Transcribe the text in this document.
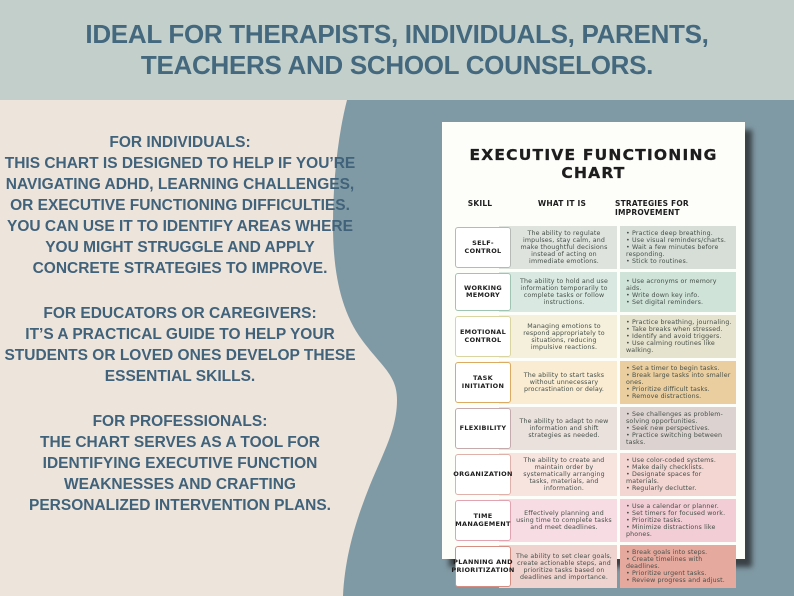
IDEAL FOR THERAPISTS, INDIVIDUALS, PARENTS,
TEACHERS AND SCHOOL COUNSELORS.
FOR INDIVIDUALS:
THIS CHART IS DESIGNED TO HELP IF YOU’RE NAVIGATING ADHD, LEARNING CHALLENGES, OR EXECUTIVE FUNCTIONING DIFFICULTIES. YOU CAN USE IT TO IDENTIFY AREAS WHERE YOU MIGHT STRUGGLE AND APPLY CONCRETE STRATEGIES TO IMPROVE.
FOR EDUCATORS OR CAREGIVERS:
IT’S A PRACTICAL GUIDE TO HELP YOUR STUDENTS OR LOVED ONES DEVELOP THESE ESSENTIAL SKILLS.
FOR PROFESSIONALS:
THE CHART SERVES AS A TOOL FOR IDENTIFYING EXECUTIVE FUNCTION WEAKNESSES AND CRAFTING PERSONALIZED INTERVENTION PLANS.
EXECUTIVE FUNCTIONING CHART
SKILL	WHAT IT IS	STRATEGIES FOR IMPROVEMENT
SELF-CONTROL
The ability to regulate impulses, stay calm, and make thoughtful decisions instead of acting on immediate emotions.
• Practice deep breathing.
• Use visual reminders/charts.
• Wait a few minutes before responding.
• Stick to routines.
WORKING MEMORY
The ability to hold and use information temporarily to complete tasks or follow instructions.
• Use acronyms or memory aids.
• Write down key info.
• Set digital reminders.
EMOTIONAL CONTROL
Managing emotions to respond appropriately to situations, reducing impulsive reactions.
• Practice breathing, journaling.
• Take breaks when stressed.
• Identify and avoid triggers.
• Use calming routines like walking.
TASK INITIATION
The ability to start tasks without unnecessary procrastination or delay.
• Set a timer to begin tasks.
• Break large tasks into smaller ones.
• Prioritize difficult tasks.
• Remove distractions.
FLEXIBILITY
The ability to adapt to new information and shift strategies as needed.
• See challenges as problem-solving opportunities.
• Seek new perspectives.
• Practice switching between tasks.
ORGANIZATION
The ability to create and maintain order by systematically arranging tasks, materials, and information.
• Use color-coded systems.
• Make daily checklists.
• Designate spaces for materials.
• Regularly declutter.
TIME MANAGEMENT
Effectively planning and using time to complete tasks and meet deadlines.
• Use a calendar or planner.
• Set timers for focused work.
• Prioritize tasks.
• Minimize distractions like phones.
PLANNING AND PRIORITIZATION
The ability to set clear goals, create actionable steps, and prioritize tasks based on deadlines and importance.
• Break goals into steps.
• Create timelines with deadlines.
• Prioritize urgent tasks.
• Review progress and adjust.
